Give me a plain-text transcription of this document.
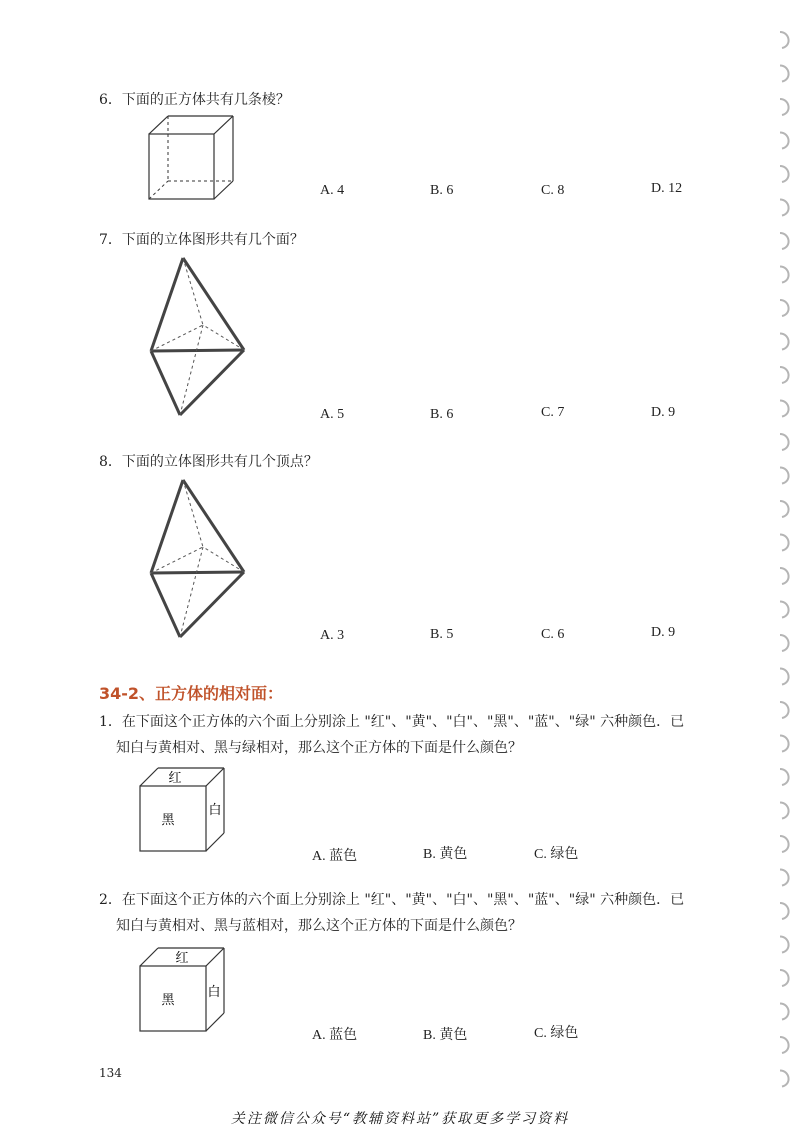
6．下面的正方体共有几条棱？
A. 4	B. 6	C. 8	D. 12
7．下面的立体图形共有几个面？
A. 5	B. 6	C. 7	D. 9
8．下面的立体图形共有几个顶点？
A. 3	B. 5	C. 6	D. 9
34-2、正方体的相对面：
1．在下面这个正方体的六个面上分别涂上 "红"、"黄"、"白"、"黑"、"蓝"、"绿" 六种颜色．已
知白与黄相对、黑与绿相对，那么这个正方体的下面是什么颜色？
红
黑
白
A. 蓝色	B. 黄色	C. 绿色
2．在下面这个正方体的六个面上分别涂上 "红"、"黄"、"白"、"黑"、"蓝"、"绿" 六种颜色．已
知白与黄相对、黑与蓝相对，那么这个正方体的下面是什么颜色？
红
黑
白
A. 蓝色	B. 黄色	C. 绿色
134
关注微信公众号“教辅资料站”获取更多学习资料
